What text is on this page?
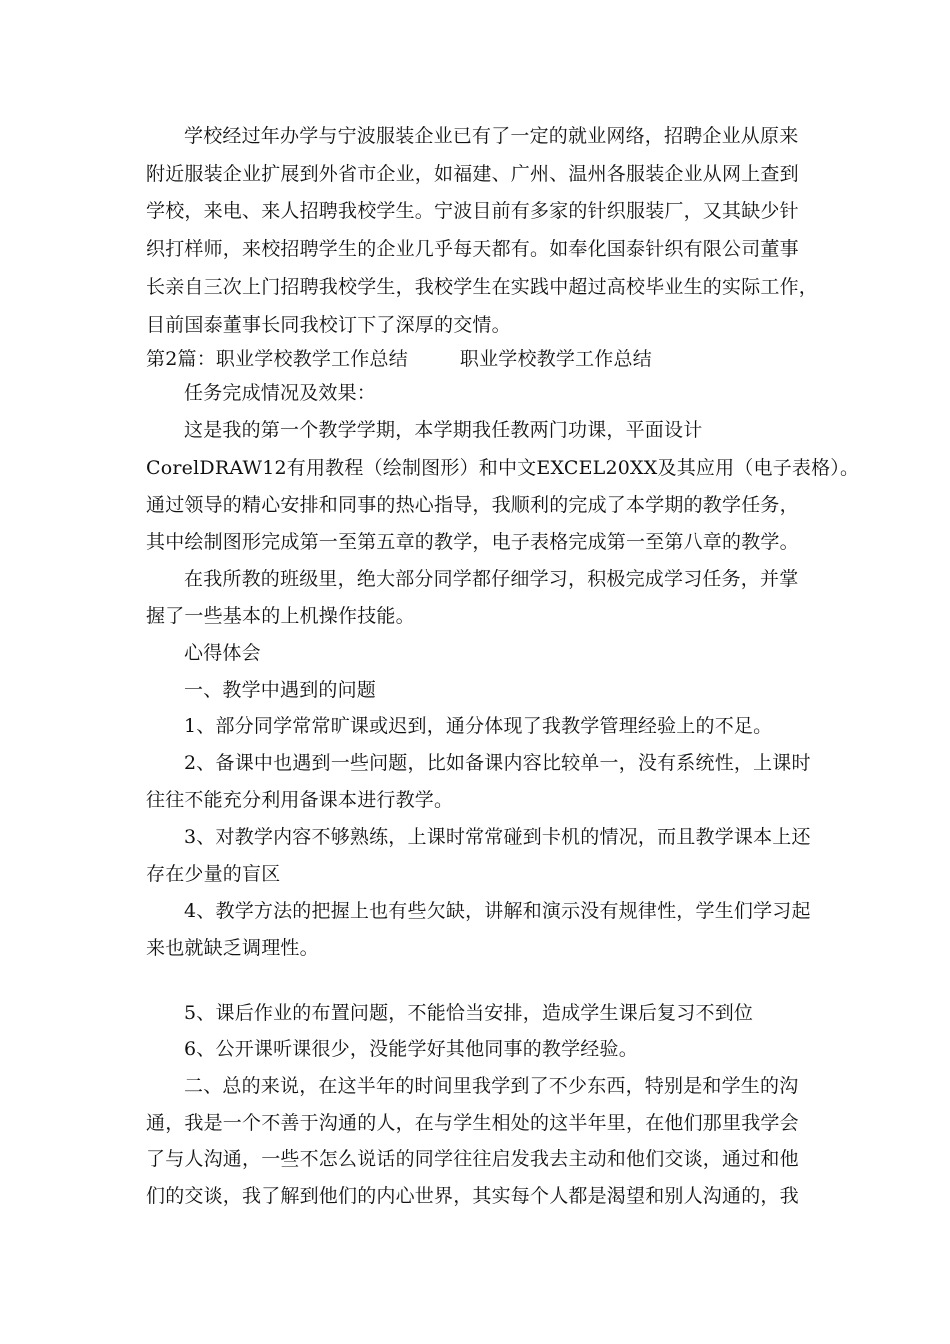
学校经过年办学与宁波服装企业已有了一定的就业网络，招聘企业从原来
附近服装企业扩展到外省市企业，如福建、广州、温州各服装企业从网上查到
学校，来电、来人招聘我校学生。宁波目前有多家的针织服装厂，又其缺少针
织打样师，来校招聘学生的企业几乎每天都有。如奉化国泰针织有限公司董事
长亲自三次上门招聘我校学生，我校学生在实践中超过高校毕业生的实际工作，
目前国泰董事长同我校订下了深厚的交情。
第2篇：职业学校教学工作总结	职业学校教学工作总结
任务完成情况及效果：
这是我的第一个教学学期，本学期我任教两门功课，平面设计
CorelDRAW12有用教程（绘制图形）和中文EXCEL20XX及其应用（电子表格）。
通过领导的精心安排和同事的热心指导，我顺利的完成了本学期的教学任务，
其中绘制图形完成第一至第五章的教学，电子表格完成第一至第八章的教学。
在我所教的班级里，绝大部分同学都仔细学习，积极完成学习任务，并掌
握了一些基本的上机操作技能。
心得体会
一、教学中遇到的问题
1、部分同学常常旷课或迟到，通分体现了我教学管理经验上的不足。
2、备课中也遇到一些问题，比如备课内容比较单一，没有系统性，上课时
往往不能充分利用备课本进行教学。
3、对教学内容不够熟练，上课时常常碰到卡机的情况，而且教学课本上还
存在少量的盲区
4、教学方法的把握上也有些欠缺，讲解和演示没有规律性，学生们学习起
来也就缺乏调理性。
5、课后作业的布置问题，不能恰当安排，造成学生课后复习不到位
6、公开课听课很少，没能学好其他同事的教学经验。
二、总的来说，在这半年的时间里我学到了不少东西，特别是和学生的沟
通，我是一个不善于沟通的人，在与学生相处的这半年里，在他们那里我学会
了与人沟通，一些不怎么说话的同学往往启发我去主动和他们交谈，通过和他
们的交谈，我了解到他们的内心世界，其实每个人都是渴望和别人沟通的，我
